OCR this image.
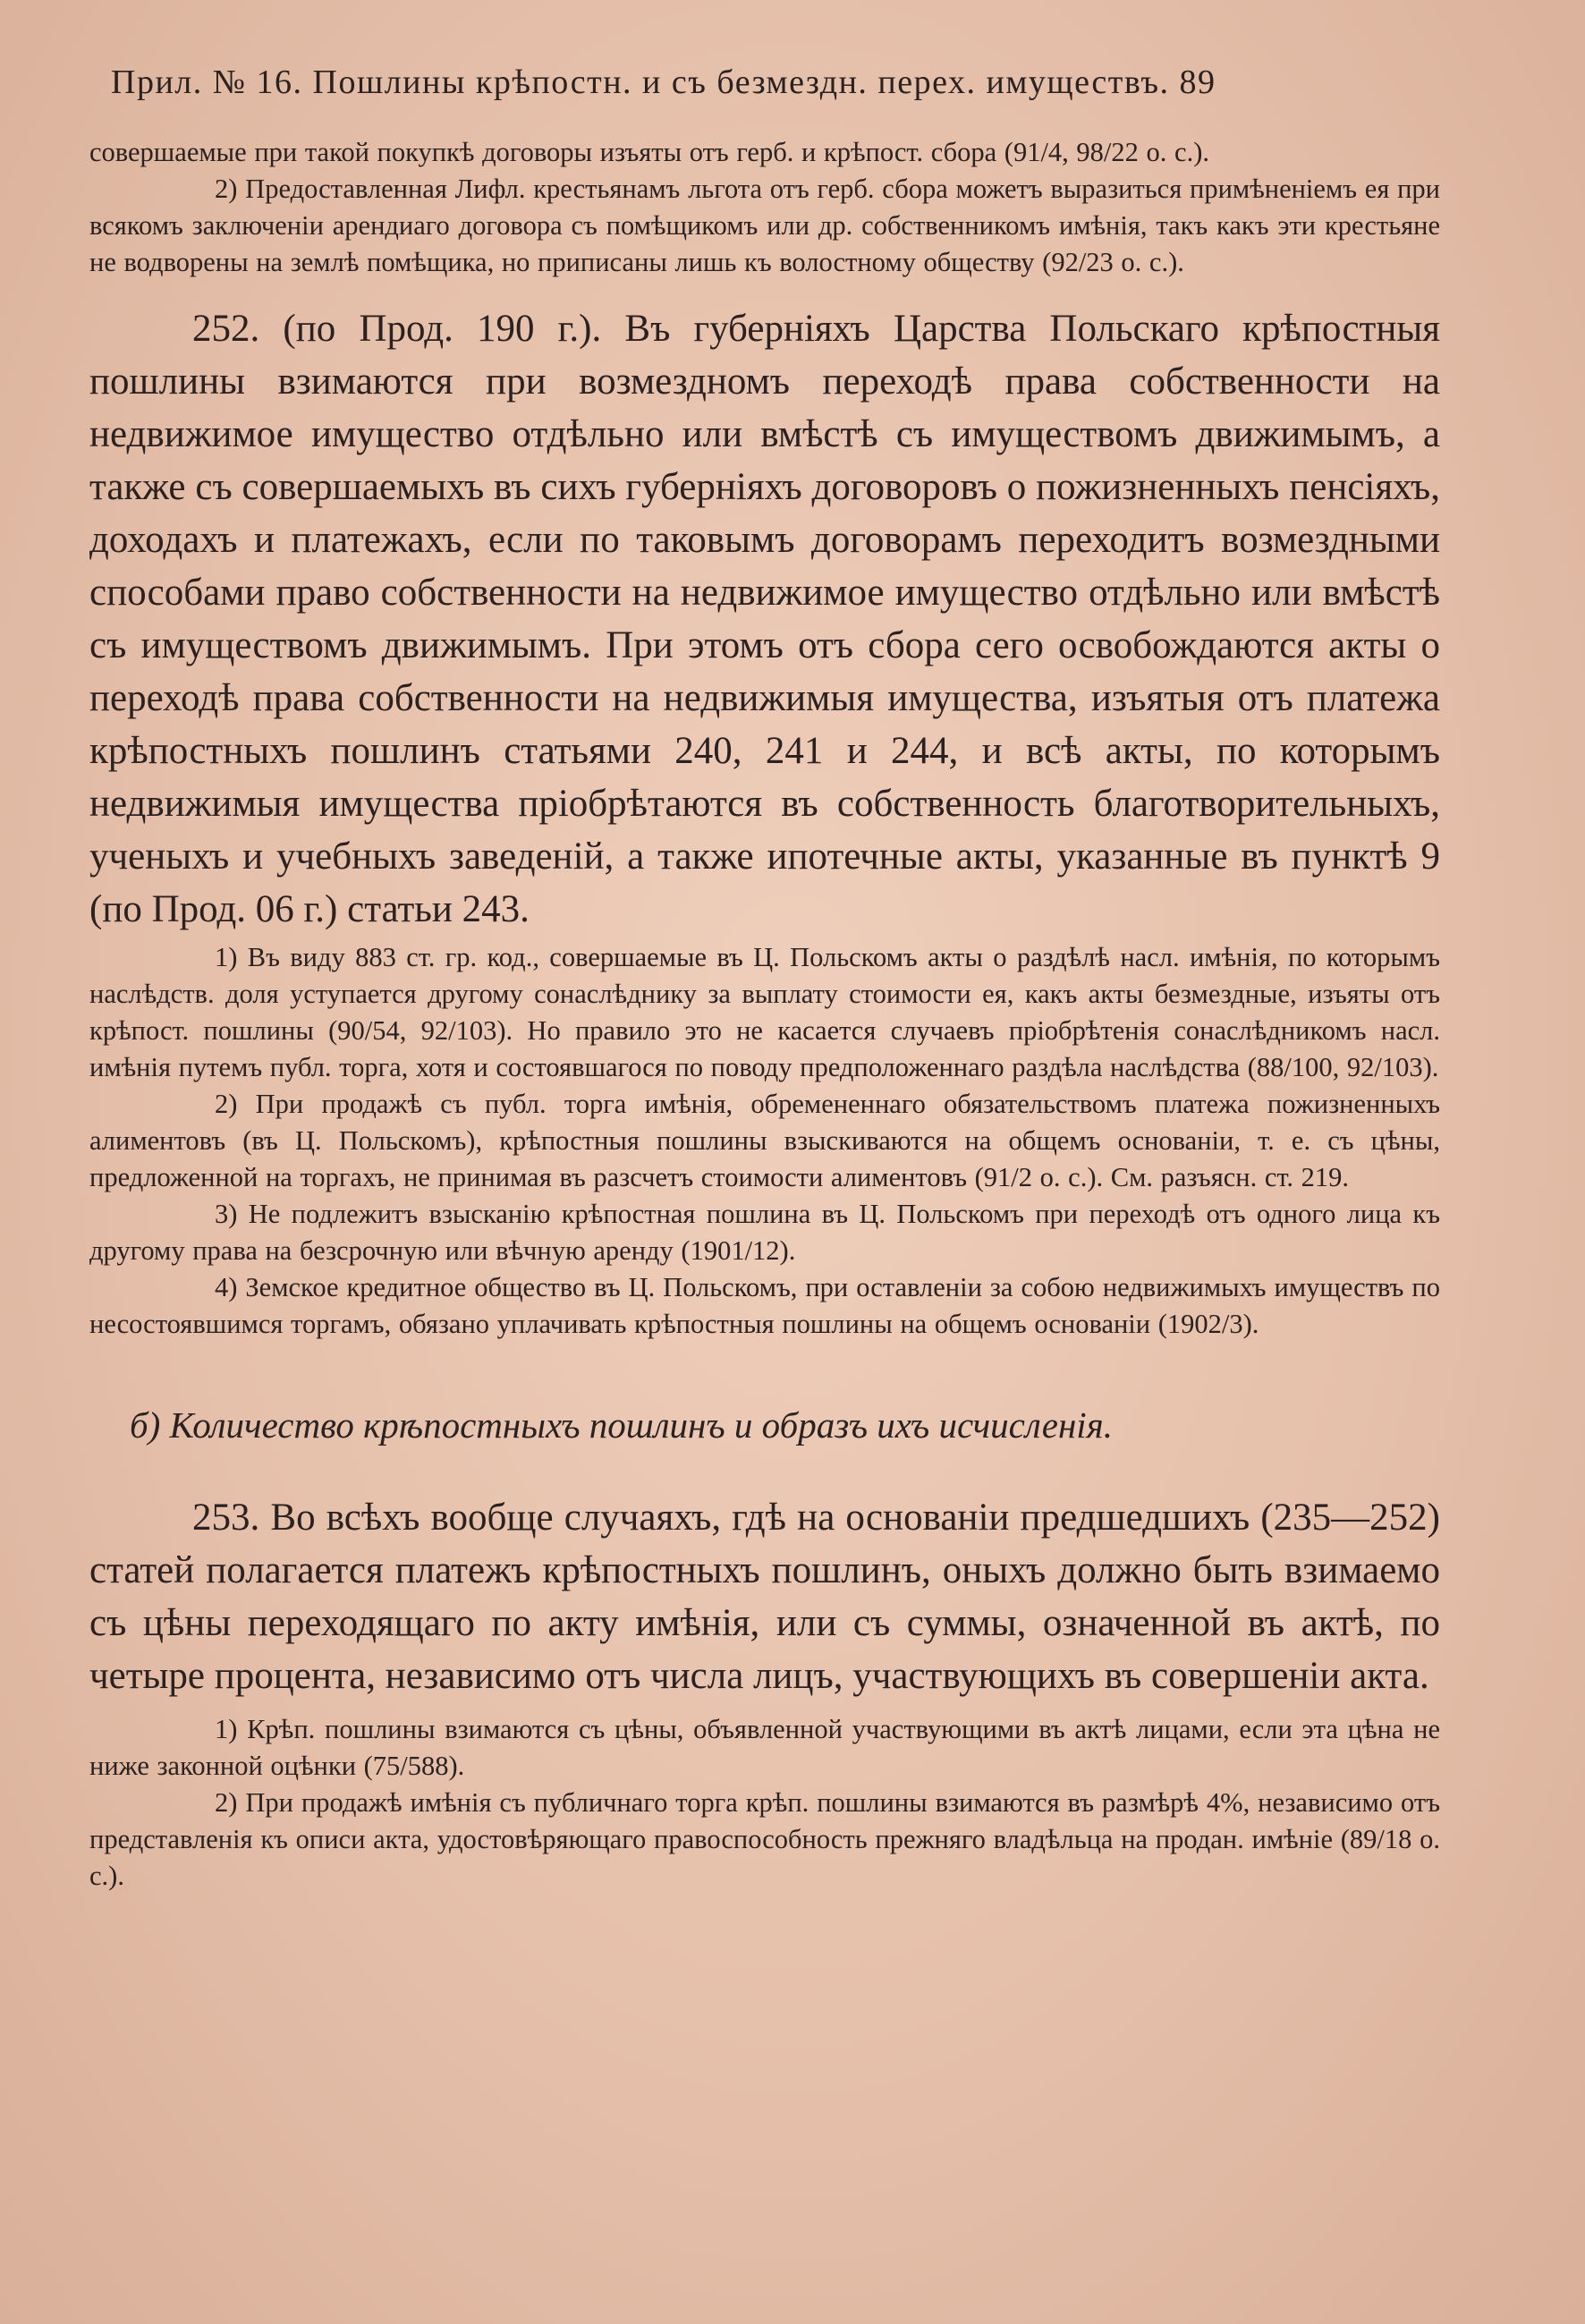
Прил. № 16. Пошлины крѣпостн. и съ безмездн. перех. имуществъ. 89

совершаемые при такой покупкѣ договоры изъяты отъ герб. и крѣпост. сбора (91/4, 98/22 о. с.).

2) Предоставленная Лифл. крестьянамъ льгота отъ герб. сбора можетъ выразиться примѣненіемъ ея при всякомъ заключеніи арендиаго договора съ помѣщикомъ или др. собственникомъ имѣнія, такъ какъ эти крестьяне не водворены на землѣ помѣщика, но приписаны лишь къ волостному обществу (92/23 о. с.).

252. (по Прод. 190 г.). Въ губерніяхъ Царства Польскаго крѣпостныя пошлины взимаются при возмездномъ переходѣ права собственности на недвижимое имущество отдѣльно или вмѣстѣ съ имуществомъ движимымъ, а также съ совершаемыхъ въ сихъ губерніяхъ договоровъ о пожизненныхъ пенсіяхъ, доходахъ и платежахъ, если по таковымъ договорамъ переходитъ возмездными способами право собственности на недвижимое имущество отдѣльно или вмѣстѣ съ имуществомъ движимымъ. При этомъ отъ сбора сего освобождаются акты о переходѣ права собственности на недвижимыя имущества, изъятыя отъ платежа крѣпостныхъ пошлинъ статьями 240, 241 и 244, и всѣ акты, по которымъ недвижимыя имущества пріобрѣтаются въ собственность благотворительныхъ, ученыхъ и учебныхъ заведеній, а также ипотечные акты, указанные въ пунктѣ 9 (по Прод. 06 г.) статьи 243.

1) Въ виду 883 ст. гр. код., совершаемые въ Ц. Польскомъ акты о раздѣлѣ насл. имѣнія, по которымъ наслѣдств. доля уступается другому сонаслѣднику за выплату стоимости ея, какъ акты безмездные, изъяты отъ крѣпост. пошлины (90/54, 92/103). Но правило это не касается случаевъ пріобрѣтенія сонаслѣдникомъ насл. имѣнія путемъ публ. торга, хотя и состоявшагося по поводу предположеннаго раздѣла наслѣдства (88/100, 92/103).

2) При продажѣ съ публ. торга имѣнія, обремененнаго обязательствомъ платежа пожизненныхъ алиментовъ (въ Ц. Польскомъ), крѣпостныя пошлины взыскиваются на общемъ основаніи, т. е. съ цѣны, предложенной на торгахъ, не принимая въ разсчетъ стоимости алиментовъ (91/2 о. с.). См. разъясн. ст. 219.

3) Не подлежитъ взысканію крѣпостная пошлина въ Ц. Польскомъ при переходѣ отъ одного лица къ другому права на безсрочную или вѣчную аренду (1901/12).

4) Земское кредитное общество въ Ц. Польскомъ, при оставленіи за собою недвижимыхъ имуществъ по несостоявшимся торгамъ, обязано уплачивать крѣпостныя пошлины на общемъ основаніи (1902/3).

б) Количество крѣпостныхъ пошлинъ и образъ ихъ исчисленія.
253. Во всѣхъ вообще случаяхъ, гдѣ на основаніи предшедшихъ (235—252) статей полагается платежъ крѣпостныхъ пошлинъ, оныхъ должно быть взимаемо съ цѣны переходящаго по акту имѣнія, или съ суммы, означенной въ актѣ, по четыре процента, независимо отъ числа лицъ, участвующихъ въ совершеніи акта.

1) Крѣп. пошлины взимаются съ цѣны, объявленной участвующими въ актѣ лицами, если эта цѣна не ниже законной оцѣнки (75/588).

2) При продажѣ имѣнія съ публичнаго торга крѣп. пошлины взимаются въ размѣрѣ 4%, независимо отъ представленія къ описи акта, удостовѣряющаго правоспособность прежняго владѣльца на продан. имѣніе (89/18 о. с.).
